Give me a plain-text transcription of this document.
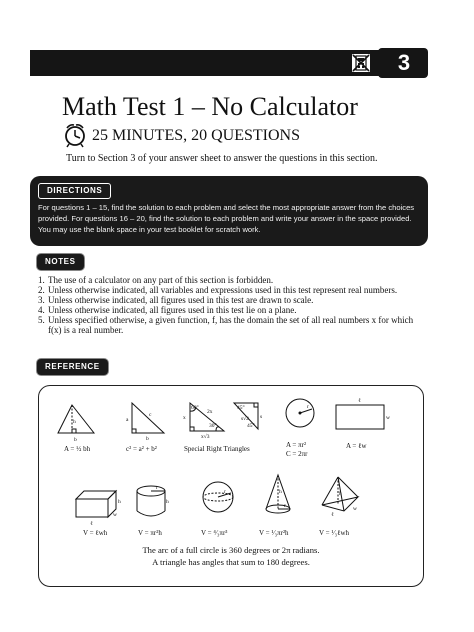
3
Math Test 1 – No Calculator
25 MINUTES, 20 QUESTIONS
Turn to Section 3 of your answer sheet to answer the questions in this section.
DIRECTIONS

For questions 1 – 15, find the solution to each problem and select the most appropriate answer from the choices provided. For questions 16 – 20, find the solution to each problem and write your answer in the space provided. You may use the blank space in your test booklet for scratch work.

NOTES
1. The use of a calculator on any part of this section is forbidden.
2. Unless otherwise indicated, all variables and expressions used in this test represent real numbers.
3. Unless otherwise indicated, all figures used in this test are drawn to scale.
4. Unless otherwise indicated, all figures used in this test lie on a plane.
5. Unless specified otherwise, a given function, f, has the domain the set of all real numbers x for which f(x) is a real number.
REFERENCE
h
b
a
c
b
2x
x
x√3
60°
30°
45°
45°
s
s√2
r
ℓ
w
ℓ
w
h	h
r
r	h
r
h
ℓ
w
A = ½ bh	c² = a² + b²	Special Right Triangles	A = πr²
C = 2πr
A = ℓw
V = ℓwh	V = πr²h	V = ⁴⁄₃πr³	V = ¹⁄₃πr²h	V = ¹⁄₃ℓwh
The arc of a full circle is 360 degrees or 2π radians.
A triangle has angles that sum to 180 degrees.
